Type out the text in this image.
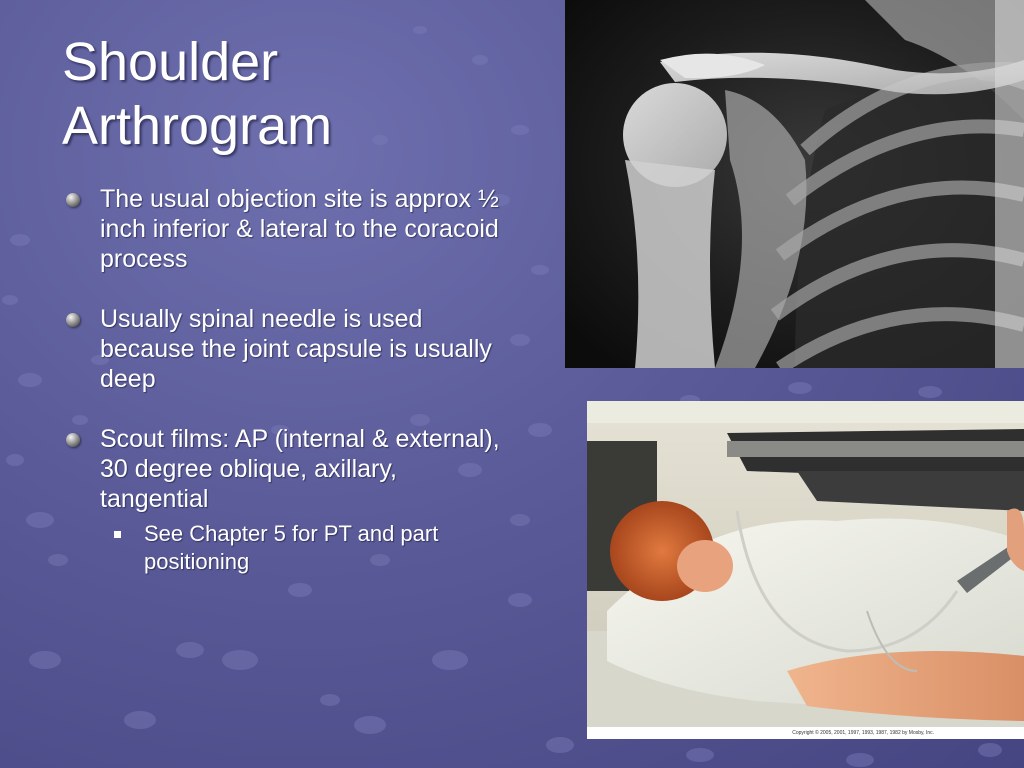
Shoulder
Arthrogram
The usual objection site is approx ½ inch inferior & lateral to the coracoid process
Usually spinal needle is used because the joint capsule is usually deep
Scout films: AP (internal & external), 30 degree oblique, axillary, tangential
See Chapter 5 for PT and part positioning
Copyright © 2005, 2001, 1997, 1993, 1987, 1982 by Mosby, Inc.
